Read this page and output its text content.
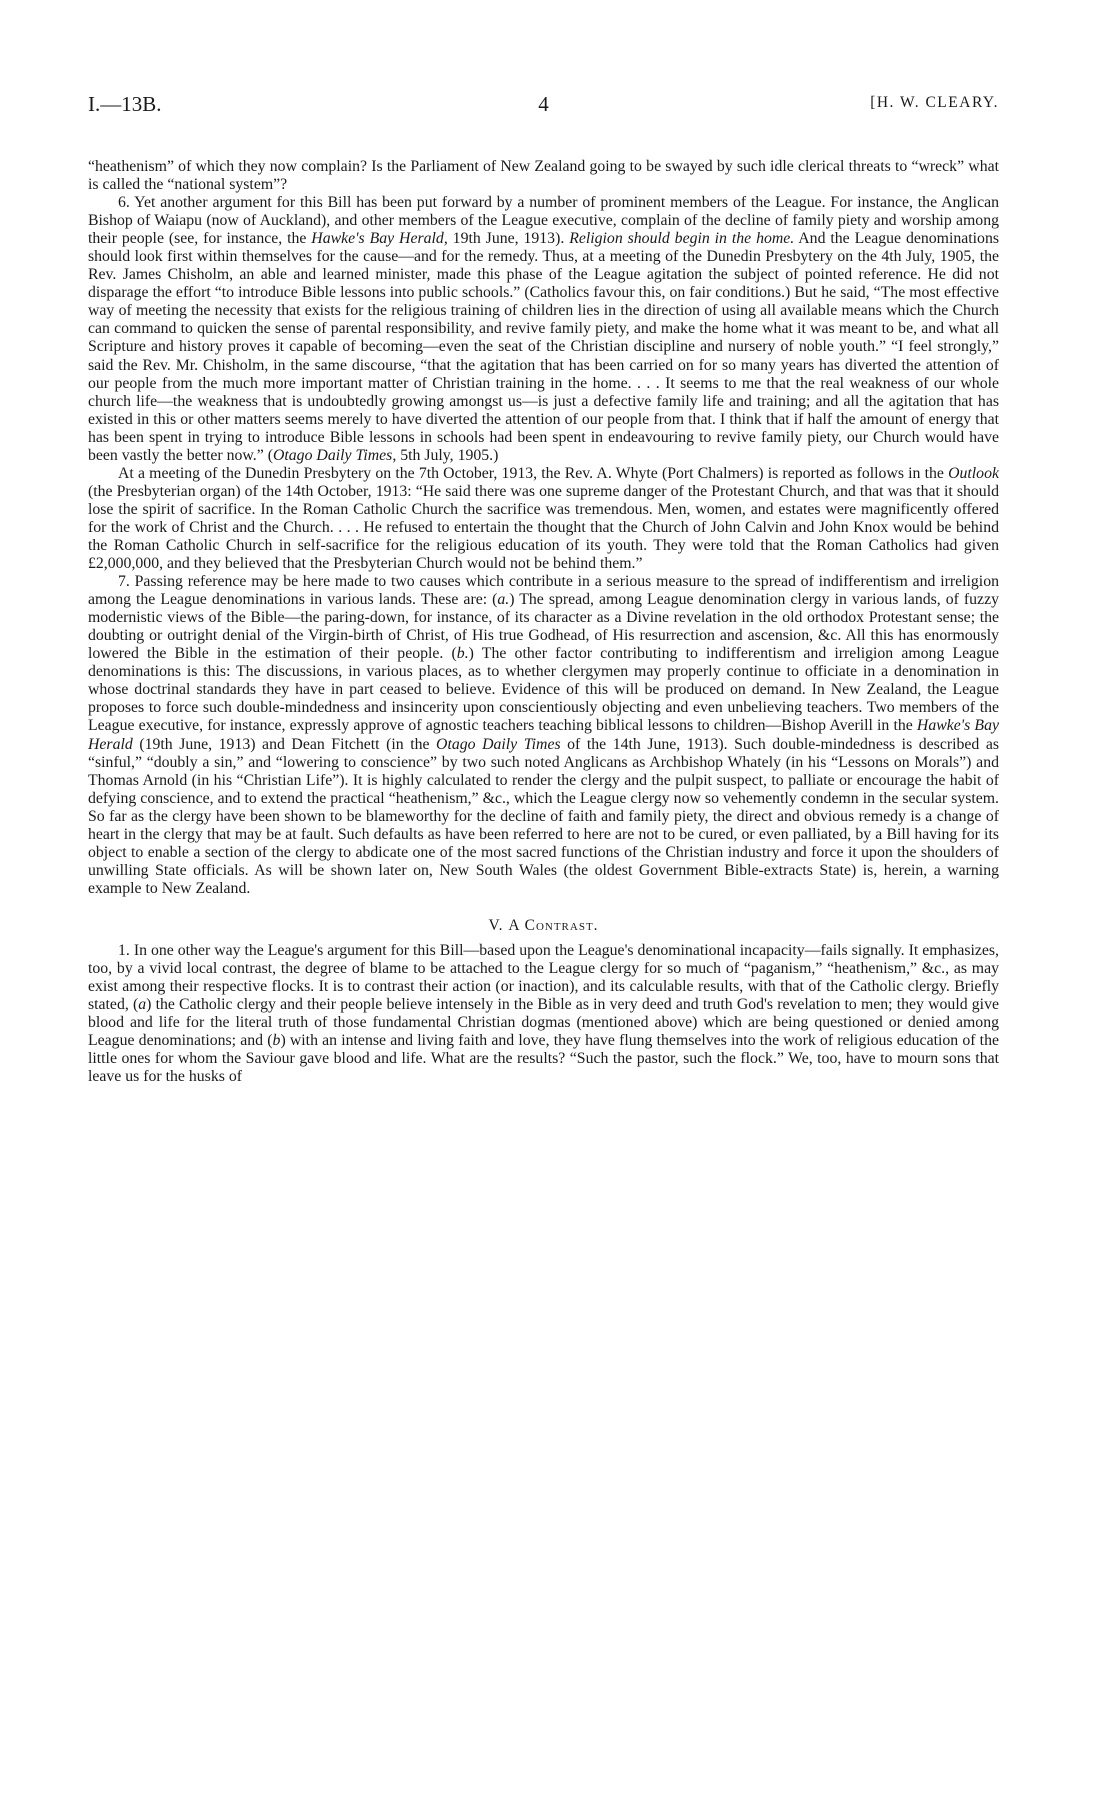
I.—13B.	4	[H. W. CLEARY.

“heathenism” of which they now complain? Is the Parliament of New Zealand going to be swayed by such idle clerical threats to “wreck” what is called the “national system”?

6. Yet another argument for this Bill has been put forward by a number of prominent members of the League. For instance, the Anglican Bishop of Waiapu (now of Auckland), and other members of the League executive, complain of the decline of family piety and worship among their people (see, for instance, the Hawke's Bay Herald, 19th June, 1913). Religion should begin in the home. And the League denominations should look first within themselves for the cause—and for the remedy. Thus, at a meeting of the Dunedin Presbytery on the 4th July, 1905, the Rev. James Chisholm, an able and learned minister, made this phase of the League agitation the subject of pointed reference. He did not disparage the effort “to introduce Bible lessons into public schools.” (Catholics favour this, on fair conditions.) But he said, “The most effective way of meeting the necessity that exists for the religious training of children lies in the direction of using all available means which the Church can command to quicken the sense of parental responsibility, and revive family piety, and make the home what it was meant to be, and what all Scripture and history proves it capable of becoming—even the seat of the Christian discipline and nursery of noble youth.” “I feel strongly,” said the Rev. Mr. Chisholm, in the same discourse, “that the agitation that has been carried on for so many years has diverted the attention of our people from the much more important matter of Christian training in the home. . . . It seems to me that the real weakness of our whole church life—the weakness that is undoubtedly growing amongst us—is just a defective family life and training; and all the agitation that has existed in this or other matters seems merely to have diverted the attention of our people from that. I think that if half the amount of energy that has been spent in trying to introduce Bible lessons in schools had been spent in endeavouring to revive family piety, our Church would have been vastly the better now.” (Otago Daily Times, 5th July, 1905.)

At a meeting of the Dunedin Presbytery on the 7th October, 1913, the Rev. A. Whyte (Port Chalmers) is reported as follows in the Outlook (the Presbyterian organ) of the 14th October, 1913: “He said there was one supreme danger of the Protestant Church, and that was that it should lose the spirit of sacrifice. In the Roman Catholic Church the sacrifice was tremendous. Men, women, and estates were magnificently offered for the work of Christ and the Church. . . . He refused to entertain the thought that the Church of John Calvin and John Knox would be behind the Roman Catholic Church in self-sacrifice for the religious education of its youth. They were told that the Roman Catholics had given £2,000,000, and they believed that the Presbyterian Church would not be behind them.”

7. Passing reference may be here made to two causes which contribute in a serious measure to the spread of indifferentism and irreligion among the League denominations in various lands. These are: (a.) The spread, among League denomination clergy in various lands, of fuzzy modernistic views of the Bible—the paring-down, for instance, of its character as a Divine revelation in the old orthodox Protestant sense; the doubting or outright denial of the Virgin-birth of Christ, of His true Godhead, of His resurrection and ascension, &c. All this has enormously lowered the Bible in the estimation of their people. (b.) The other factor contributing to indifferentism and irreligion among League denominations is this: The discussions, in various places, as to whether clergymen may properly continue to officiate in a denomination in whose doctrinal standards they have in part ceased to believe. Evidence of this will be produced on demand. In New Zealand, the League proposes to force such double-mindedness and insincerity upon conscientiously objecting and even unbelieving teachers. Two members of the League executive, for instance, expressly approve of agnostic teachers teaching biblical lessons to children—Bishop Averill in the Hawke's Bay Herald (19th June, 1913) and Dean Fitchett (in the Otago Daily Times of the 14th June, 1913). Such double-mindedness is described as “sinful,” “doubly a sin,” and “lowering to conscience” by two such noted Anglicans as Archbishop Whately (in his “Lessons on Morals”) and Thomas Arnold (in his “Christian Life”). It is highly calculated to render the clergy and the pulpit suspect, to palliate or encourage the habit of defying conscience, and to extend the practical “heathenism,” &c., which the League clergy now so vehemently condemn in the secular system. So far as the clergy have been shown to be blameworthy for the decline of faith and family piety, the direct and obvious remedy is a change of heart in the clergy that may be at fault. Such defaults as have been referred to here are not to be cured, or even palliated, by a Bill having for its object to enable a section of the clergy to abdicate one of the most sacred functions of the Christian industry and force it upon the shoulders of unwilling State officials. As will be shown later on, New South Wales (the oldest Government Bible-extracts State) is, herein, a warning example to New Zealand.

V. A Contrast.

1. In one other way the League's argument for this Bill—based upon the League's denominational incapacity—fails signally. It emphasizes, too, by a vivid local contrast, the degree of blame to be attached to the League clergy for so much of “paganism,” “heathenism,” &c., as may exist among their respective flocks. It is to contrast their action (or inaction), and its calculable results, with that of the Catholic clergy. Briefly stated, (a) the Catholic clergy and their people believe intensely in the Bible as in very deed and truth God's revelation to men; they would give blood and life for the literal truth of those fundamental Christian dogmas (mentioned above) which are being questioned or denied among League denominations; and (b) with an intense and living faith and love, they have flung themselves into the work of religious education of the little ones for whom the Saviour gave blood and life. What are the results? “Such the pastor, such the flock.” We, too, have to mourn sons that leave us for the husks of
